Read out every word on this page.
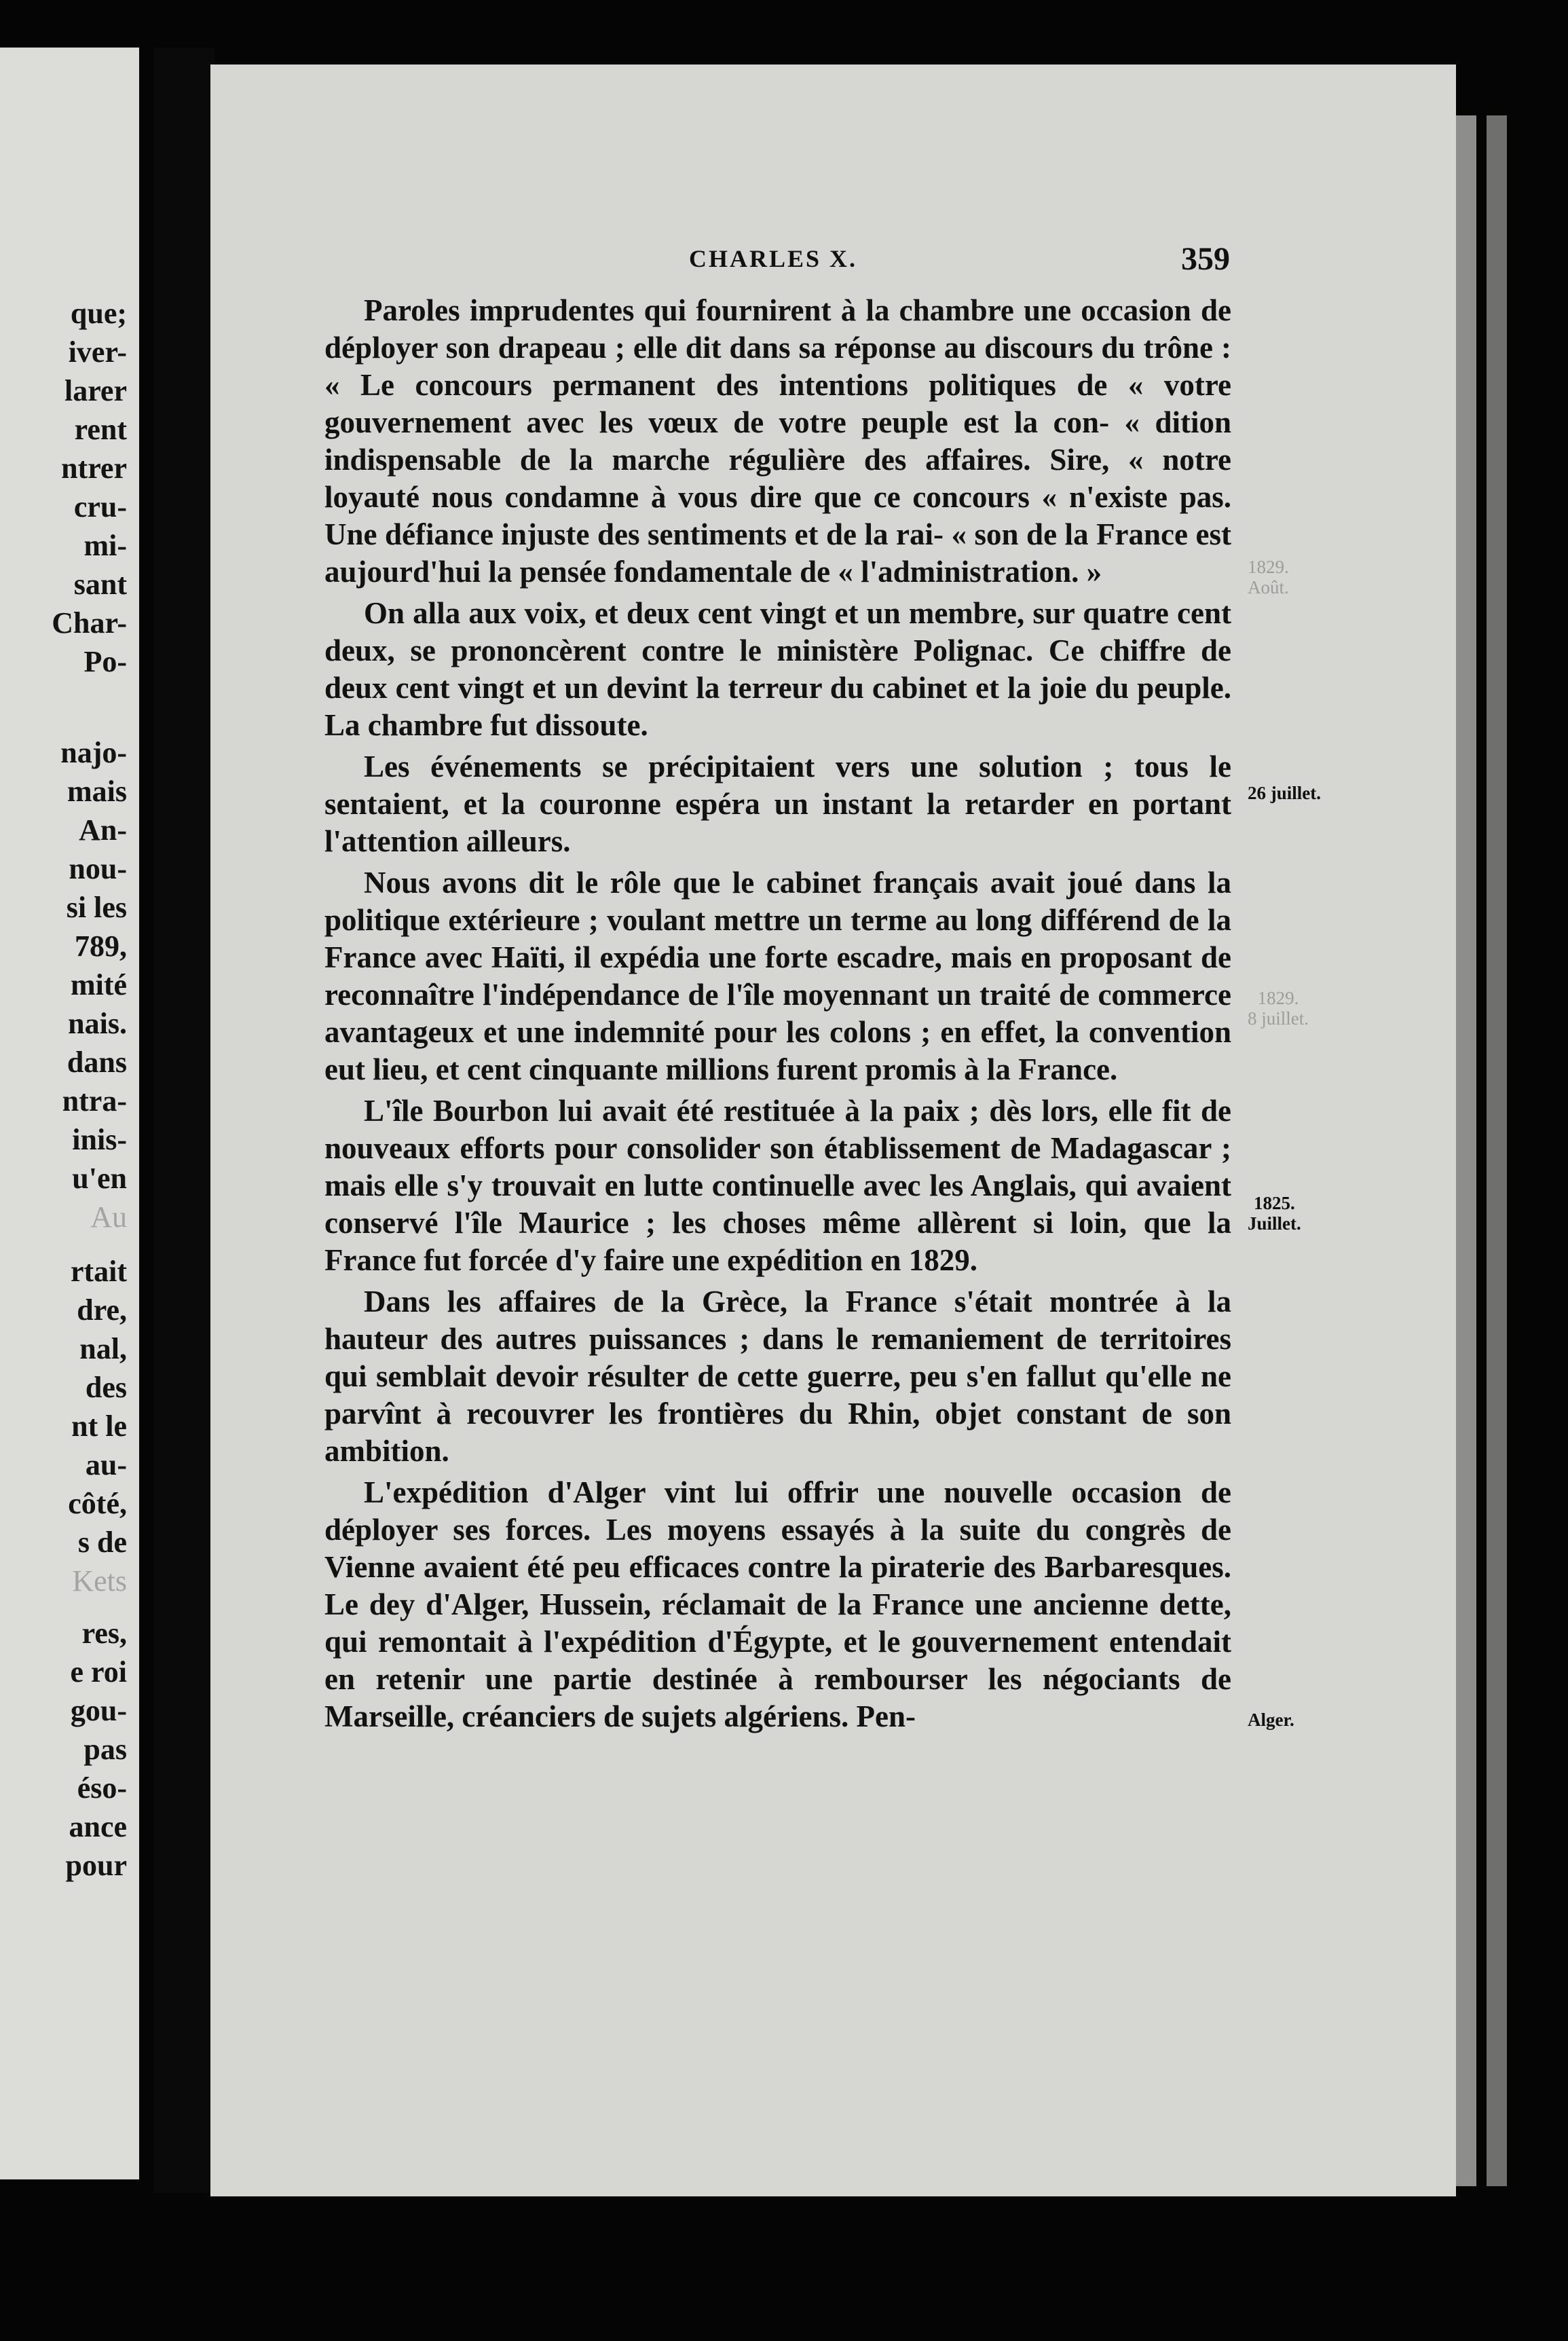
que;
iver-
larer
rent
ntrer
cru-
mi-
sant
Char-
Po-
najo-
mais
An-
nou-
si les
789,
mité
nais.
dans
ntra-
inis-
u'en
Au
rtait
dre,
nal,
des
nt le
au-
côté,
s de
Kets
res,
e roi
gou-
pas
éso-
ance
pour
CHARLES X.	359

Paroles imprudentes qui fournirent à la chambre une occasion de déployer son drapeau ; elle dit dans sa réponse au discours du trône : « Le concours permanent des intentions politiques de « votre gouvernement avec les vœux de votre peuple est la con- « dition indispensable de la marche régulière des affaires. Sire, « notre loyauté nous condamne à vous dire que ce concours « n'existe pas. Une défiance injuste des sentiments et de la rai- « son de la France est aujourd'hui la pensée fondamentale de « l'administration. »

On alla aux voix, et deux cent vingt et un membre, sur quatre cent deux, se prononcèrent contre le ministère Polignac. Ce chiffre de deux cent vingt et un devint la terreur du cabinet et la joie du peuple. La chambre fut dissoute.

Les événements se précipitaient vers une solution ; tous le sentaient, et la couronne espéra un instant la retarder en portant l'attention ailleurs.

Nous avons dit le rôle que le cabinet français avait joué dans la politique extérieure ; voulant mettre un terme au long différend de la France avec Haïti, il expédia une forte escadre, mais en proposant de reconnaître l'indépendance de l'île moyennant un traité de commerce avantageux et une indemnité pour les colons ; en effet, la convention eut lieu, et cent cinquante millions furent promis à la France.

L'île Bourbon lui avait été restituée à la paix ; dès lors, elle fit de nouveaux efforts pour consolider son établissement de Madagascar ; mais elle s'y trouvait en lutte continuelle avec les Anglais, qui avaient conservé l'île Maurice ; les choses même allèrent si loin, que la France fut forcée d'y faire une expédition en 1829.

Dans les affaires de la Grèce, la France s'était montrée à la hauteur des autres puissances ; dans le remaniement de territoires qui semblait devoir résulter de cette guerre, peu s'en fallut qu'elle ne parvînt à recouvrer les frontières du Rhin, objet constant de son ambition.

L'expédition d'Alger vint lui offrir une nouvelle occasion de déployer ses forces. Les moyens essayés à la suite du congrès de Vienne avaient été peu efficaces contre la piraterie des Barbaresques. Le dey d'Alger, Hussein, réclamait de la France une ancienne dette, qui remontait à l'expédition d'Égypte, et le gouvernement entendait en retenir une partie destinée à rembourser les négociants de Marseille, créanciers de sujets algériens. Pen-

1829.
Août.
26 juillet.
1829.
8 juillet.
1825.
Juillet.
Alger.
